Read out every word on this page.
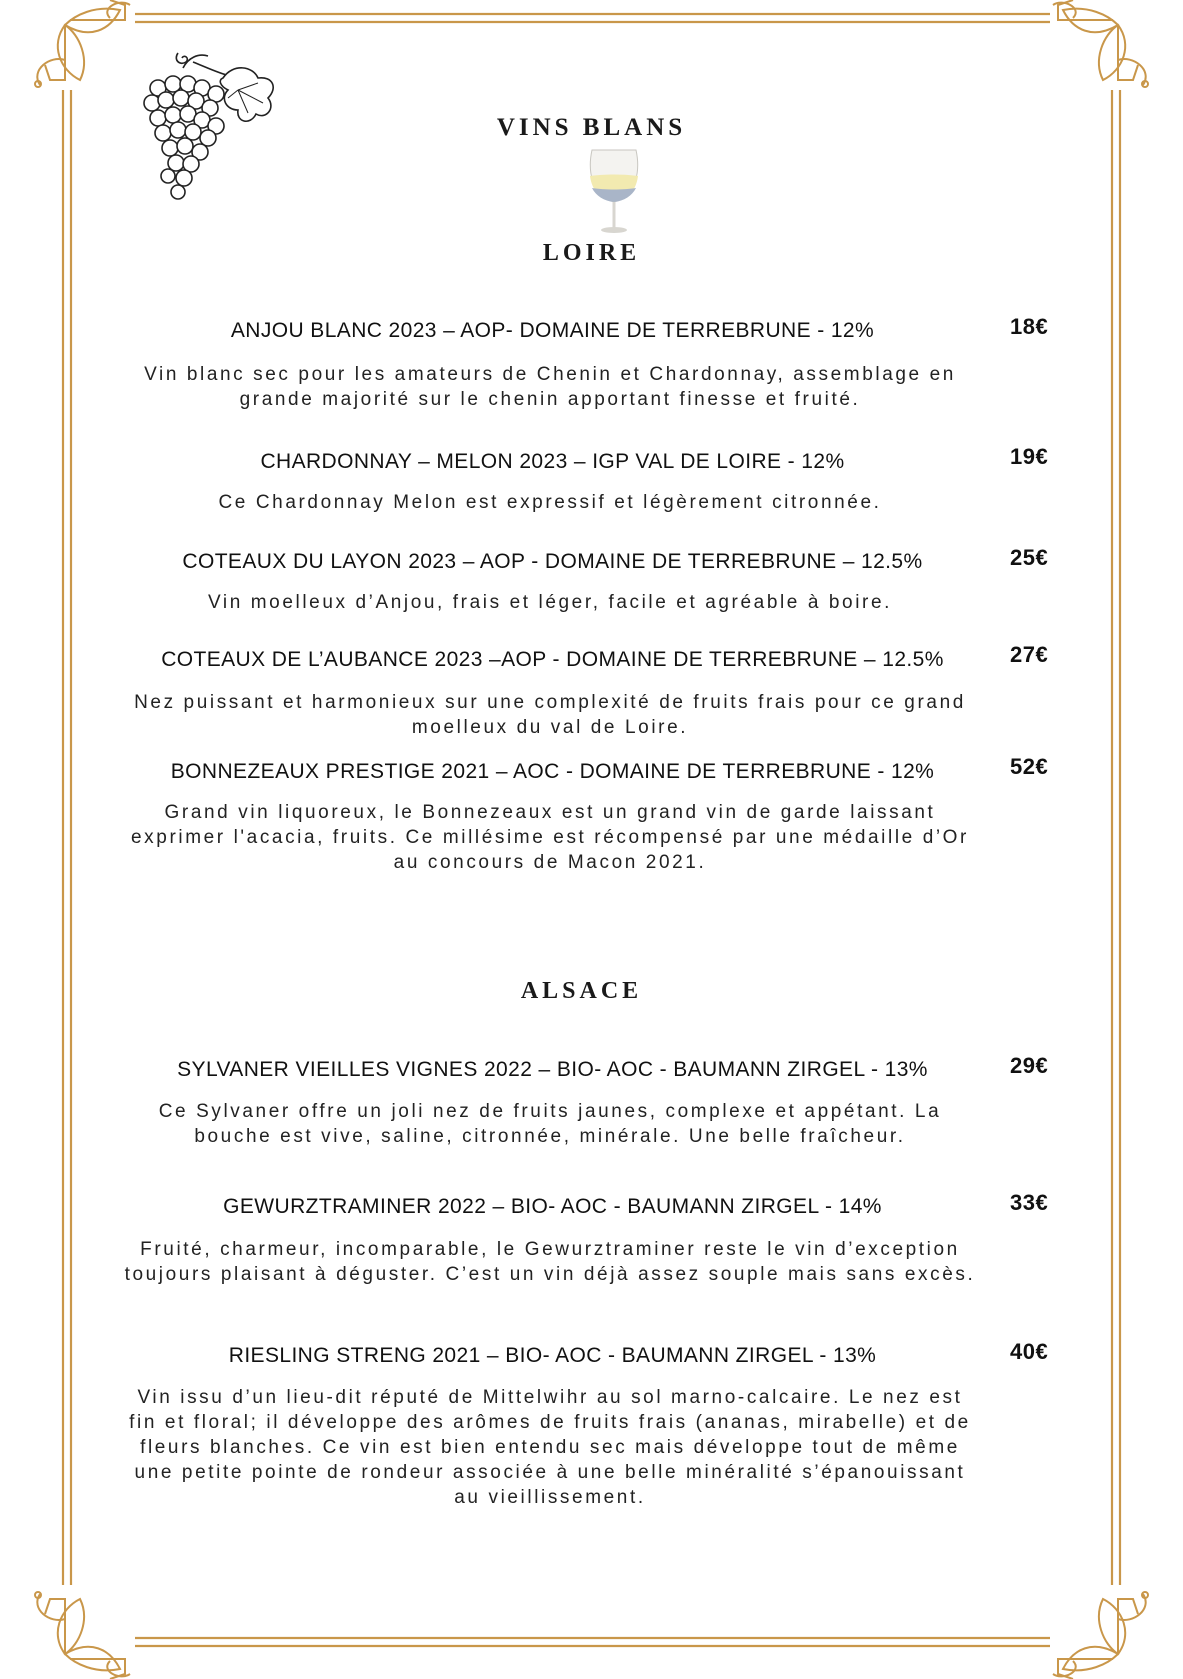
VINS BLANS
LOIRE
ALSACE
ANJOU BLANC 2023 – AOP- DOMAINE DE TERREBRUNE - 12%	18€
Vin blanc sec pour les amateurs de Chenin et Chardonnay, assemblage en grande majorité sur le chenin apportant finesse et fruité.
CHARDONNAY – MELON 2023 – IGP VAL DE LOIRE - 12%	19€
Ce Chardonnay Melon est expressif et légèrement citronnée.
COTEAUX DU LAYON 2023 – AOP - DOMAINE DE TERREBRUNE – 12.5%	25€
Vin moelleux d’Anjou, frais et léger, facile et agréable à boire.
COTEAUX DE L’AUBANCE 2023 –AOP - DOMAINE DE TERREBRUNE – 12.5%	27€
Nez puissant et harmonieux sur une complexité de fruits frais pour ce grand moelleux du val de Loire.
BONNEZEAUX PRESTIGE 2021 – AOC - DOMAINE DE TERREBRUNE - 12%	52€
Grand vin liquoreux, le Bonnezeaux est un grand vin de garde laissant exprimer l'acacia, fruits. Ce millésime est récompensé par une médaille d’Or au concours de Macon 2021.
SYLVANER VIEILLES VIGNES 2022 – BIO- AOC - BAUMANN ZIRGEL - 13%	29€
Ce Sylvaner offre un joli nez de fruits jaunes, complexe et appétant. La bouche est vive, saline, citronnée, minérale. Une belle fraîcheur.
GEWURZTRAMINER 2022 – BIO- AOC - BAUMANN ZIRGEL - 14%	33€
Fruité, charmeur, incomparable, le Gewurztraminer reste le vin d’exception toujours plaisant à déguster. C’est un vin déjà assez souple mais sans excès.
RIESLING STRENG 2021 – BIO- AOC - BAUMANN ZIRGEL - 13%	40€
Vin issu d’un lieu-dit réputé de Mittelwihr au sol marno-calcaire. Le nez est fin et floral; il développe des arômes de fruits frais (ananas, mirabelle) et de fleurs blanches. Ce vin est bien entendu sec mais développe tout de même une petite pointe de rondeur associée à une belle minéralité s’épanouissant au vieillissement.
